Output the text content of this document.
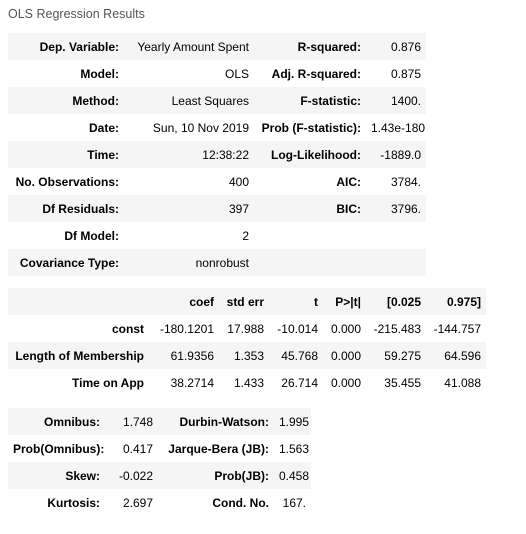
OLS Regression Results
Dep. Variable:	Yearly Amount Spent	R-squared:	0.876
Model:	OLS	Adj. R-squared:	0.875
Method:	Least Squares	F-statistic:	1400.
Date:	Sun, 10 Nov 2019	Prob (F-statistic):	1.43e-180
Time:	12:38:22	Log-Likelihood:	-1889.0
No. Observations:	400	AIC:	3784.
Df Residuals:	397	BIC:	3796.
Df Model:	2		
Covariance Type:	nonrobust		
	coef	std err	t	P>|t|	[0.025	0.975]
const	-180.1201	17.988	-10.014	0.000	-215.483	-144.757
Length of Membership	61.9356	1.353	45.768	0.000	59.275	64.596
Time on App	38.2714	1.433	26.714	0.000	35.455	41.088
Omnibus:	1.748	Durbin-Watson:	1.995
Prob(Omnibus):	0.417	Jarque-Bera (JB):	1.563
Skew:	-0.022	Prob(JB):	0.458
Kurtosis:	2.697	Cond. No.	167.
